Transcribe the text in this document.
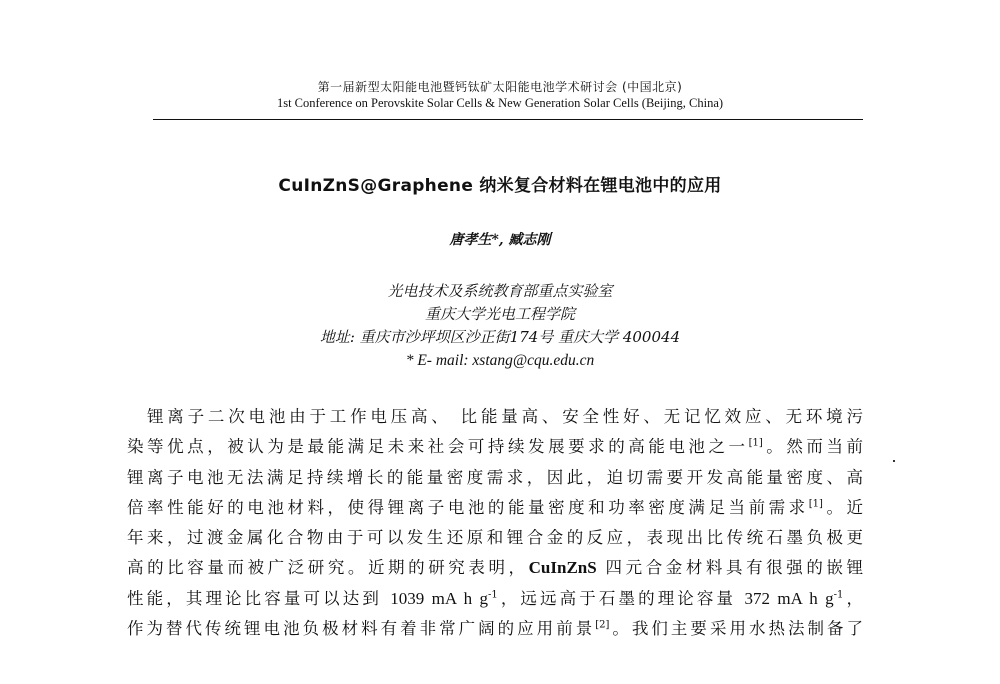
第一届新型太阳能电池暨钙钛矿太阳能电池学术研讨会 (中国北京)
1st Conference on Perovskite Solar Cells & New Generation Solar Cells (Beijing, China)
CuInZnS@Graphene 纳米复合材料在锂电池中的应用
唐孝生*, 臧志刚
光电技术及系统教育部重点实验室
重庆大学光电工程学院
地址: 重庆市沙坪坝区沙正街174号 重庆大学 400044
* E- mail: xstang@cqu.edu.cn
锂离子二次电池由于工作电压高、 比能量高、安全性好、无记忆效应、无环境污
染等优点，被认为是最能满足未来社会可持续发展要求的高能电池之一[1]。然而当前
锂离子电池无法满足持续增长的能量密度需求，因此，迫切需要开发高能量密度、高
倍率性能好的电池材料，使得锂离子电池的能量密度和功率密度满足当前需求[1]。近
年来，过渡金属化合物由于可以发生还原和锂合金的反应，表现出比传统石墨负极更
高的比容量而被广泛研究。近期的研究表明，CuInZnS 四元合金材料具有很强的嵌锂
性能，其理论比容量可以达到 1039 mA h $g^{-1}$，远远高于石墨的理论容量 372 mA h $g^{-1}$，
作为替代传统锂电池负极材料有着非常广阔的应用前景[2]。我们主要采用水热法制备了
